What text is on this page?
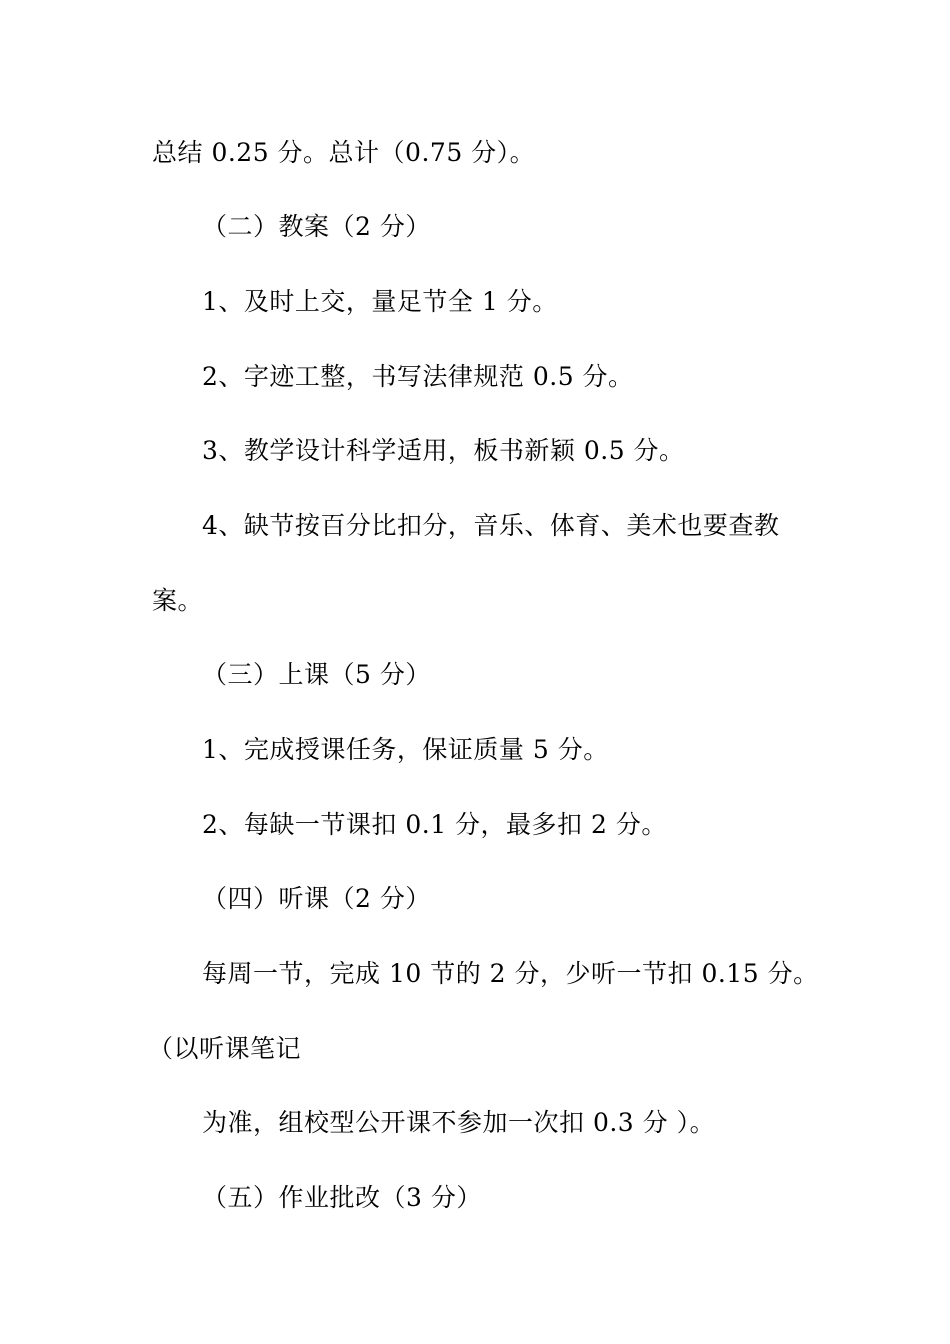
总结 0.25 分。总计（0.75 分）。
（二）教案（2 分）
1、及时上交，量足节全 1 分。
2、字迹工整，书写法律规范 0.5 分。
3、教学设计科学适用，板书新颖 0.5 分。
4、缺节按百分比扣分，音乐、体育、美术也要查教
案。
（三）上课（5 分）
1、完成授课任务，保证质量 5 分。
2、每缺一节课扣 0.1 分，最多扣 2 分。
（四）听课（2 分）
每周一节，完成 10 节的 2 分，少听一节扣 0.15 分。
（以听课笔记
为准，组校型公开课不参加一次扣 0.3 分 ）。
（五）作业批改（3 分）
